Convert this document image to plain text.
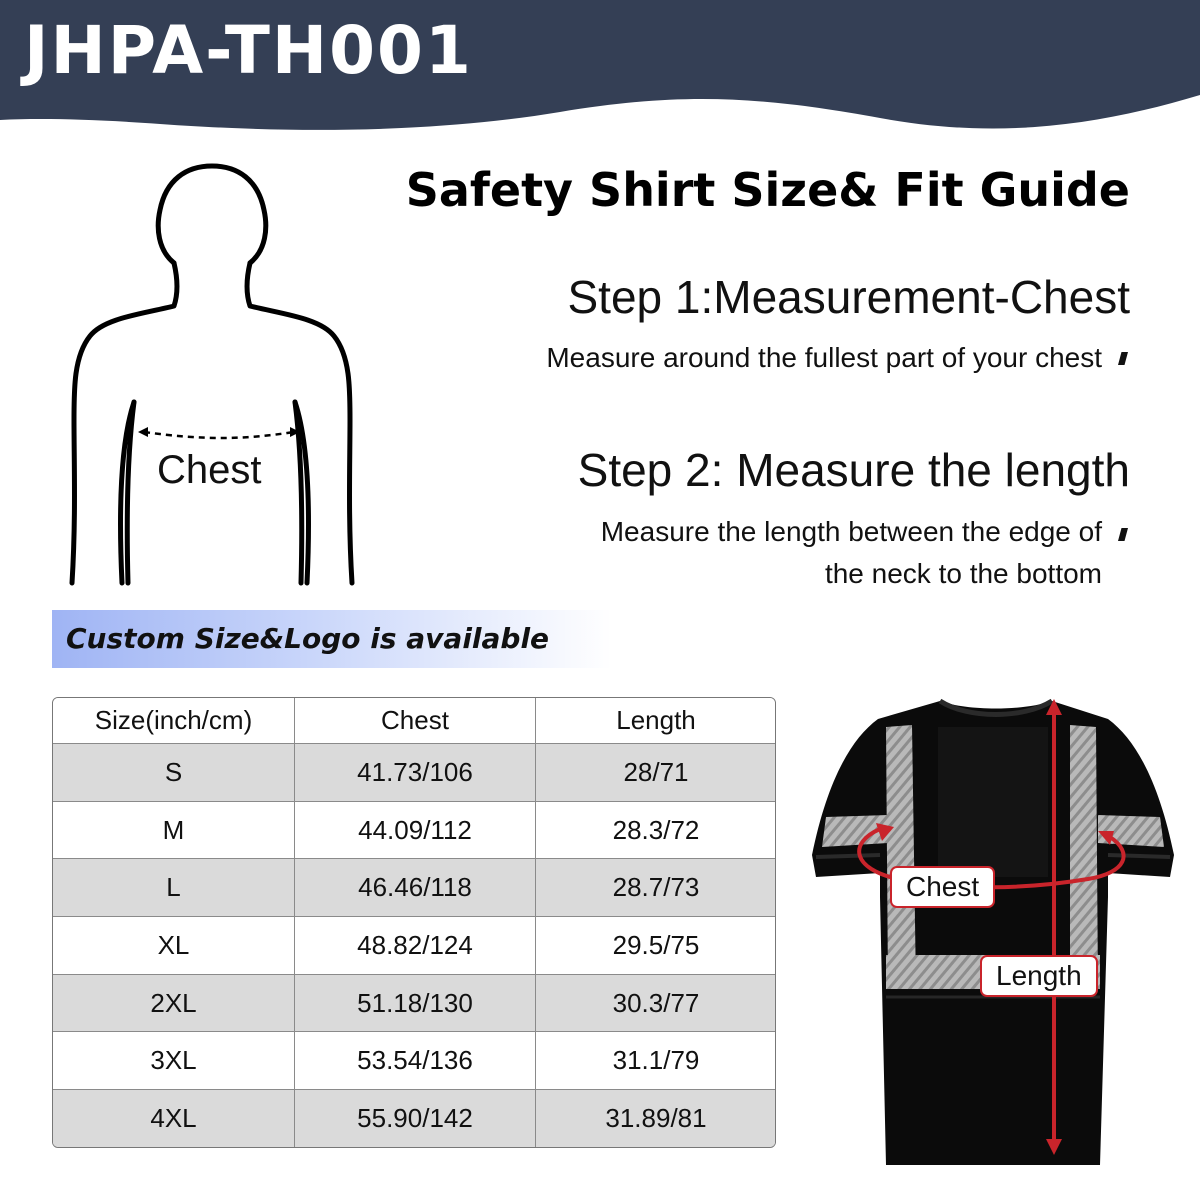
JHPA-TH001
Safety Shirt Size& Fit Guide
Step 1:Measurement-Chest
Measure around the fullest part of your chest
Step 2: Measure the length
Measure the length between the edge of
the neck to the bottom
Chest
Custom Size&Logo is available
Size(inch/cm)	Chest	Length
S	41.73/106	28/71
M	44.09/112	28.3/72
L	46.46/118	28.7/73
XL	48.82/124	29.5/75
2XL	51.18/130	30.3/77
3XL	53.54/136	31.1/79
4XL	55.90/142	31.89/81
Chest
Length
